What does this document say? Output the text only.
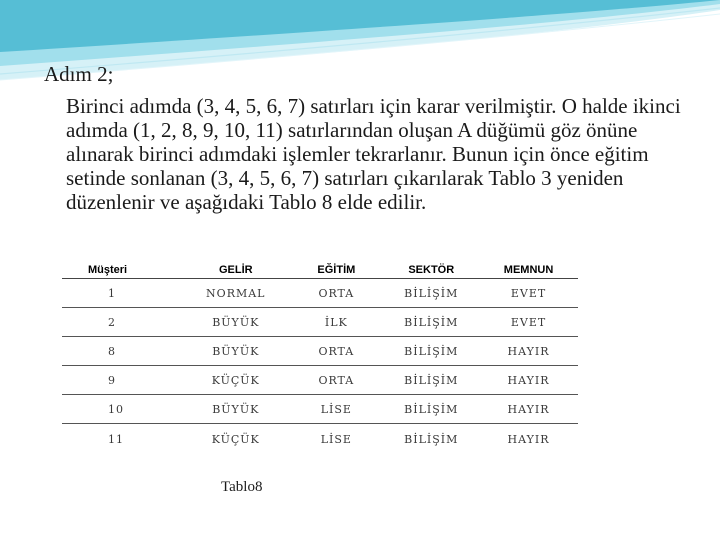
Adım 2;
Birinci adımda (3, 4, 5, 6, 7) satırları için karar verilmiştir. O halde ikinci adımda (1, 2, 8, 9, 10, 11) satırlarından oluşan A düğümü göz önüne alınarak birinci adımdaki işlemler tekrarlanır. Bunun için önce eğitim setinde sonlanan (3, 4, 5, 6, 7) satırları çıkarılarak Tablo 3 yeniden düzenlenir ve aşağıdaki Tablo 8 elde edilir.
Müşteri	GELİR	EĞİTİM	SEKTÖR	MEMNUN
1	NORMAL	ORTA	BİLİŞİM	EVET
2	BÜYÜK	İLK	BİLİŞİM	EVET
8	BÜYÜK	ORTA	BİLİŞİM	HAYIR
9	KÜÇÜK	ORTA	BİLİŞİM	HAYIR
10	BÜYÜK	LİSE	BİLİŞİM	HAYIR
11	KÜÇÜK	LİSE	BİLİŞİM	HAYIR
Tablo8
